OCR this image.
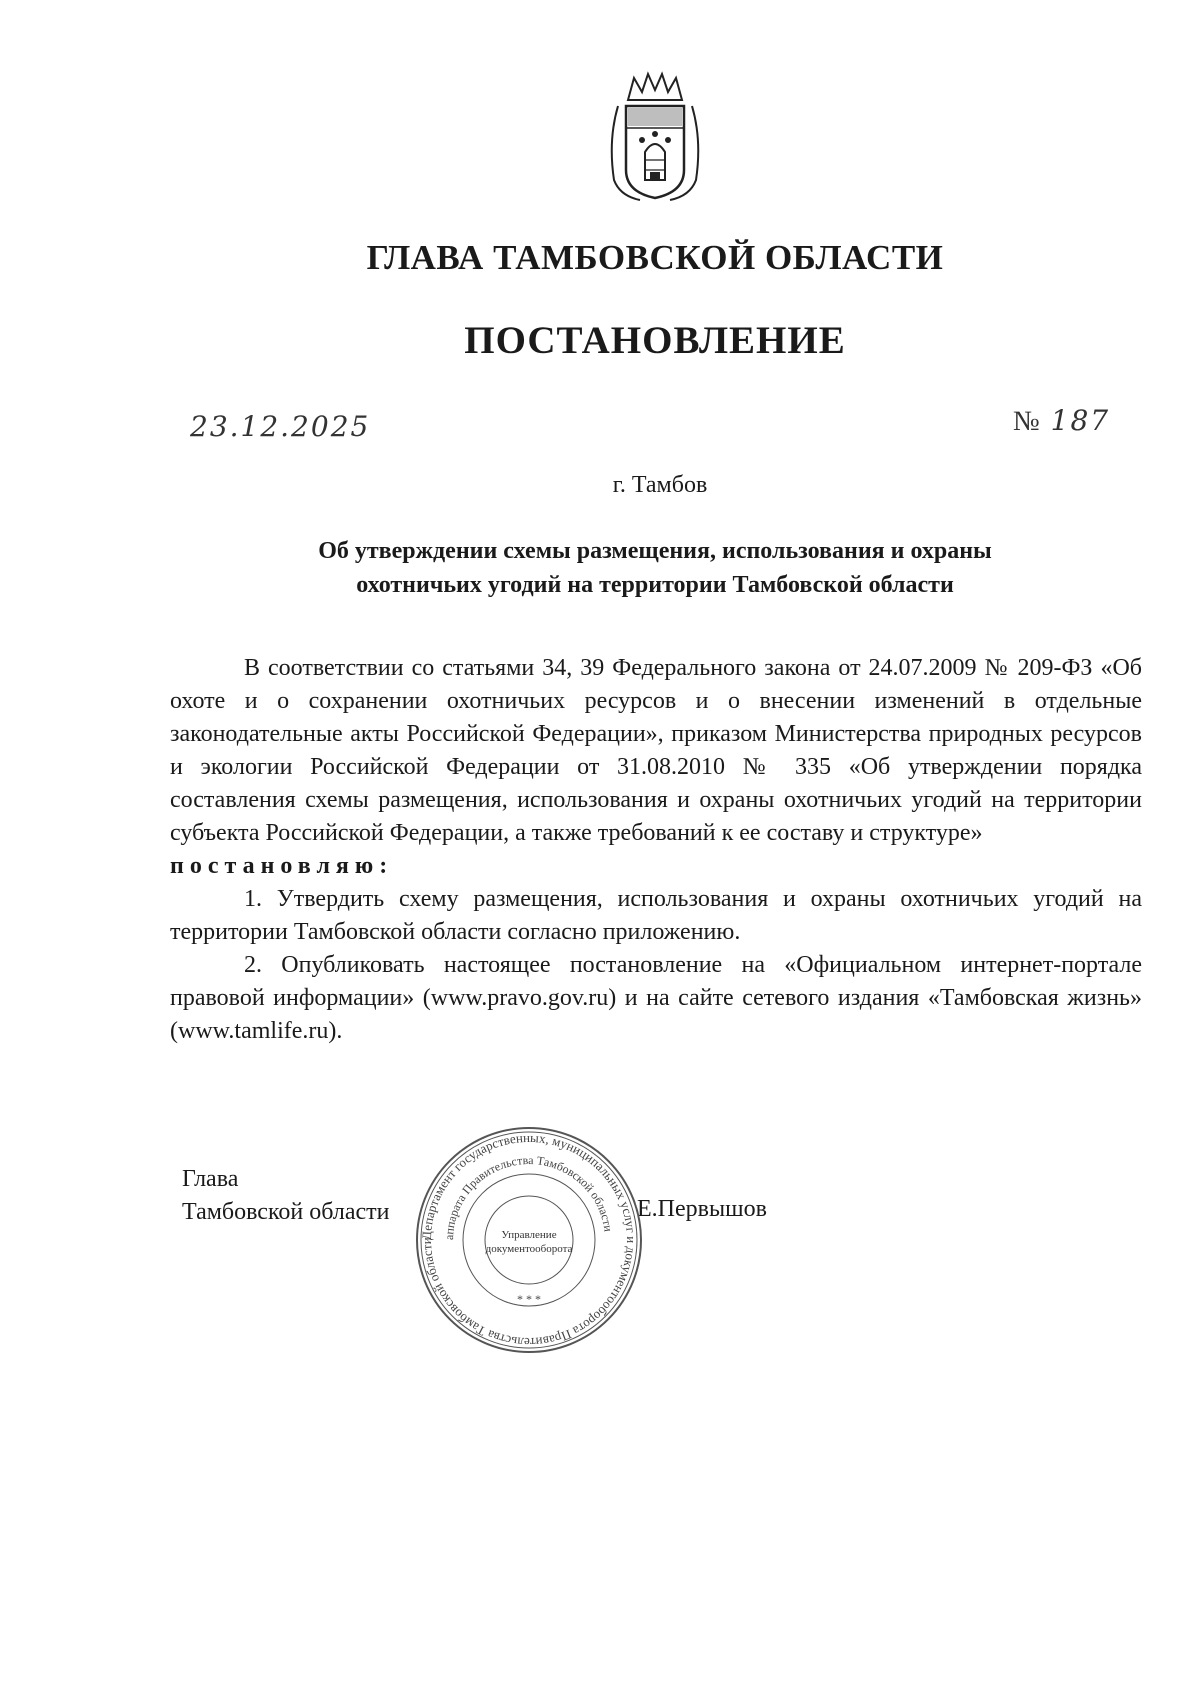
ГЛАВА ТАМБОВСКОЙ ОБЛАСТИ
ПОСТАНОВЛЕНИЕ
23.12.2025	№ 187
г. Тамбов
Об утверждении схемы размещения, использования и охраны
охотничьих угодий на территории Тамбовской области

В соответствии со статьями 34, 39 Федерального закона от 24.07.2009 № 209-ФЗ «Об охоте и о сохранении охотничьих ресурсов и о внесении изменений в отдельные законодательные акты Российской Федерации», приказом Министерства природных ресурсов и экологии Российской Федерации от 31.08.2010 № 335 «Об утверждении порядка составления схемы размещения, использования и охраны охотничьих угодий на территории субъекта Российской Федерации, а также требований к ее составу и структуре»

постановляю:

1. Утвердить схему размещения, использования и охраны охотничьих угодий на территории Тамбовской области согласно приложению.

2. Опубликовать настоящее постановление на «Официальном интернет-портале правовой информации» (www.pravo.gov.ru) и на сайте сетевого издания «Тамбовская жизнь» (www.tamlife.ru).

Глава
Тамбовской области	Е.Первышов
Департамент государственных, муниципальных услуг и документооборота Правительства Тамбовской области аппарата Правительства Тамбовской области
* * *
Управление
документооборота
